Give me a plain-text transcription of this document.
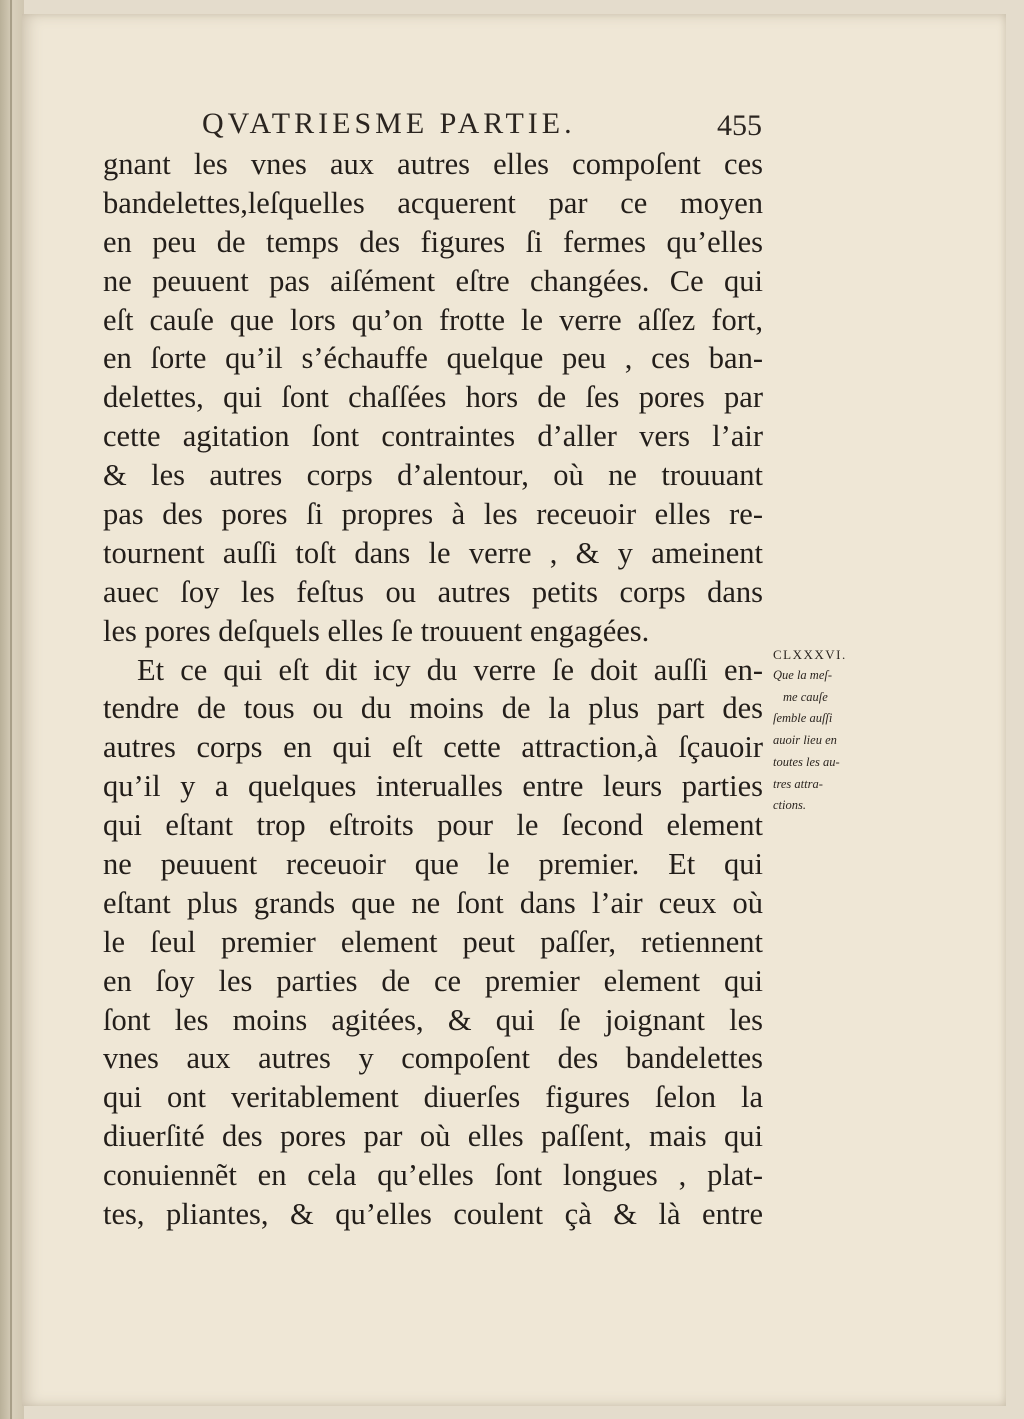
QVATRIESME PARTIE.	455
gnant les vnes aux autres elles compoſent ces
bandelettes,leſquelles acquerent par ce moyen
en peu de temps des figures ſi fermes qu’elles
ne peuuent pas aiſément eſtre changées. Ce qui
eſt cauſe que lors qu’on frotte le verre aſſez fort,
en ſorte qu’il s’échauffe quelque peu , ces ban-
delettes, qui ſont chaſſées hors de ſes pores par
cette agitation ſont contraintes d’aller vers l’air
& les autres corps d’alentour, où ne trouuant
pas des pores ſi propres à les receuoir elles re-
tournent auſſi toſt dans le verre , & y ameinent
auec ſoy les feſtus ou autres petits corps dans
les pores deſquels elles ſe trouuent engagées.
Et ce qui eſt dit icy du verre ſe doit auſſi en-
tendre de tous ou du moins de la plus part des
autres corps en qui eſt cette attraction,à ſçauoir
qu’il y a quelques interualles entre leurs parties
qui eſtant trop eſtroits pour le ſecond element
ne peuuent receuoir que le premier. Et qui
eſtant plus grands que ne ſont dans l’air ceux où
le ſeul premier element peut paſſer, retiennent
en ſoy les parties de ce premier element qui
ſont les moins agitées, & qui ſe joignant les
vnes aux autres y compoſent des bandelettes
qui ont veritablement diuerſes figures ſelon la
diuerſité des pores par où elles paſſent, mais qui
conuiennẽt en cela qu’elles ſont longues , plat-
tes, pliantes, & qu’elles coulent çà & là entre
CLXXXVI.
Que la meſ-
me cauſe
ſemble auſſi
auoir lieu en
toutes les au-
tres attra-
ctions.
